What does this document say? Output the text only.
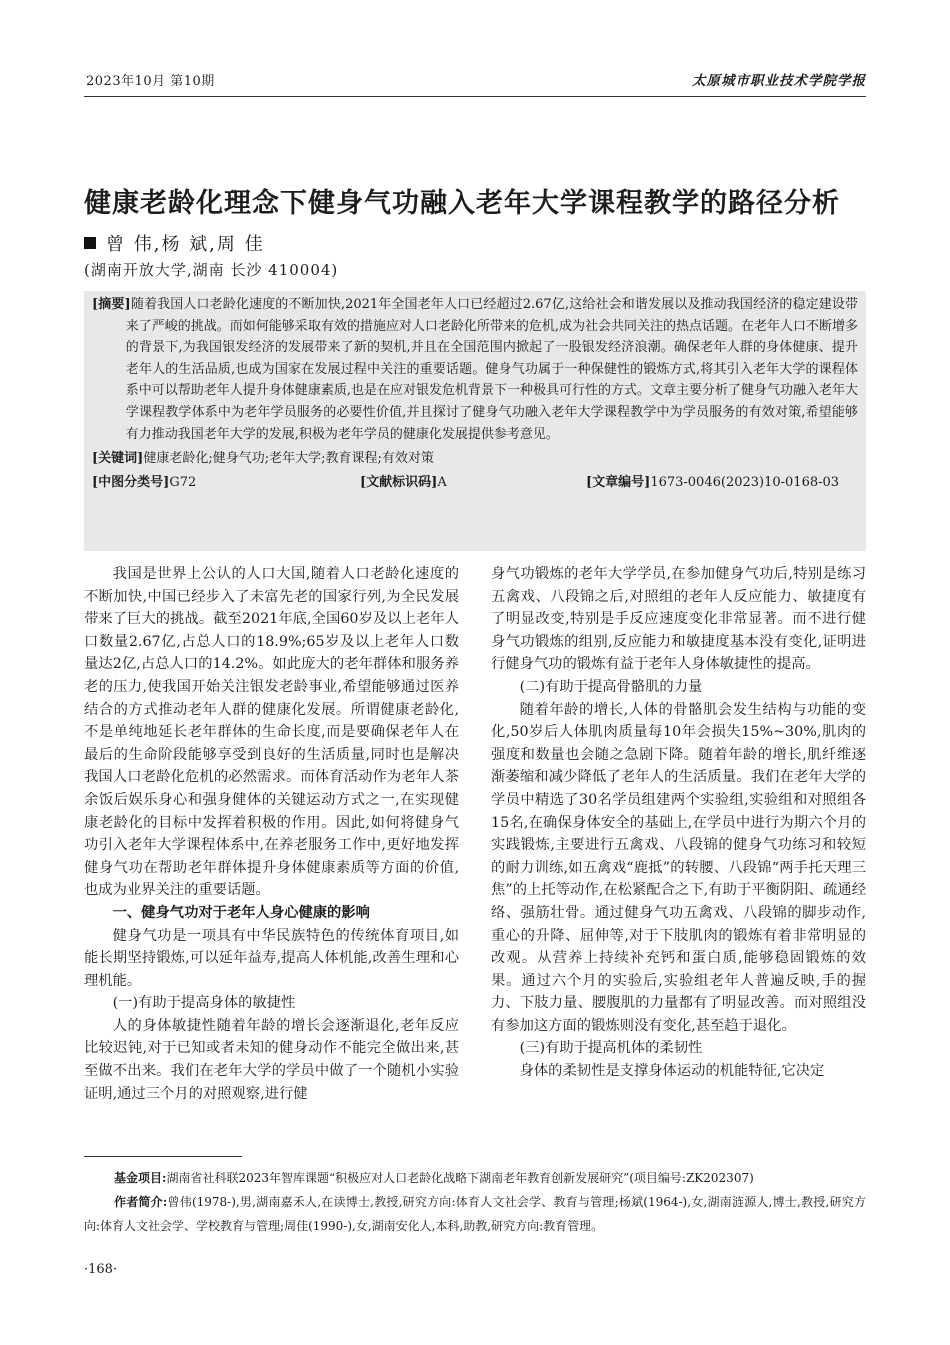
2023年10月 第10期	太原城市职业技术学院学报
健康老龄化理念下健身气功融入老年大学课程教学的路径分析
曾 伟,杨 斌,周 佳
(湖南开放大学,湖南 长沙 410004)

[摘要]随着我国人口老龄化速度的不断加快,2021年全国老年人口已经超过2.67亿,这给社会和谐发展以及推动我国经济的稳定建设带来了严峻的挑战。而如何能够采取有效的措施应对人口老龄化所带来的危机,成为社会共同关注的热点话题。在老年人口不断增多的背景下,为我国银发经济的发展带来了新的契机,并且在全国范围内掀起了一股银发经济浪潮。确保老年人群的身体健康、提升老年人的生活品质,也成为国家在发展过程中关注的重要话题。健身气功属于一种保健性的锻炼方式,将其引入老年大学的课程体系中可以帮助老年人提升身体健康素质,也是在应对银发危机背景下一种极具可行性的方式。文章主要分析了健身气功融入老年大学课程教学体系中为老年学员服务的必要性价值,并且探讨了健身气功融入老年大学课程教学中为学员服务的有效对策,希望能够有力推动我国老年大学的发展,积极为老年学员的健康化发展提供参考意见。

[关键词]健康老龄化;健身气功;老年大学;教育课程;有效对策

[中图分类号]G72	[文献标识码]A	[文章编号]1673-0046(2023)10-0168-03

我国是世界上公认的人口大国,随着人口老龄化速度的不断加快,中国已经步入了未富先老的国家行列,为全民发展带来了巨大的挑战。截至2021年底,全国60岁及以上老年人口数量2.67亿,占总人口的18.9%;65岁及以上老年人口数量达2亿,占总人口的14.2%。如此庞大的老年群体和服务养老的压力,使我国开始关注银发老龄事业,希望能够通过医养结合的方式推动老年人群的健康化发展。所谓健康老龄化,不是单纯地延长老年群体的生命长度,而是要确保老年人在最后的生命阶段能够享受到良好的生活质量,同时也是解决我国人口老龄化危机的必然需求。而体育活动作为老年人茶余饭后娱乐身心和强身健体的关键运动方式之一,在实现健康老龄化的目标中发挥着积极的作用。因此,如何将健身气功引入老年大学课程体系中,在养老服务工作中,更好地发挥健身气功在帮助老年群体提升身体健康素质等方面的价值,也成为业界关注的重要话题。

一、健身气功对于老年人身心健康的影响

健身气功是一项具有中华民族特色的传统体育项目,如能长期坚持锻炼,可以延年益寿,提高人体机能,改善生理和心理机能。

(一)有助于提高身体的敏捷性

人的身体敏捷性随着年龄的增长会逐渐退化,老年反应比较迟钝,对于已知或者未知的健身动作不能完全做出来,甚至做不出来。我们在老年大学的学员中做了一个随机小实验证明,通过三个月的对照观察,进行健

身气功锻炼的老年大学学员,在参加健身气功后,特别是练习五禽戏、八段锦之后,对照组的老年人反应能力、敏捷度有了明显改变,特别是手反应速度变化非常显著。而不进行健身气功锻炼的组别,反应能力和敏捷度基本没有变化,证明进行健身气功的锻炼有益于老年人身体敏捷性的提高。

(二)有助于提高骨骼肌的力量

随着年龄的增长,人体的骨骼肌会发生结构与功能的变化,50岁后人体肌肉质量每10年会损失15%~30%,肌肉的强度和数量也会随之急剧下降。随着年龄的增长,肌纤维逐渐萎缩和减少降低了老年人的生活质量。我们在老年大学的学员中精选了30名学员组建两个实验组,实验组和对照组各15名,在确保身体安全的基础上,在学员中进行为期六个月的实践锻炼,主要进行五禽戏、八段锦的健身气功练习和较短的耐力训练,如五禽戏“鹿抵”的转腰、八段锦“两手托天理三焦”的上托等动作,在松紧配合之下,有助于平衡阴阳、疏通经络、强筋壮骨。通过健身气功五禽戏、八段锦的脚步动作,重心的升降、屈伸等,对于下肢肌肉的锻炼有着非常明显的改观。从营养上持续补充钙和蛋白质,能够稳固锻炼的效果。通过六个月的实验后,实验组老年人普遍反映,手的握力、下肢力量、腰腹肌的力量都有了明显改善。而对照组没有参加这方面的锻炼则没有变化,甚至趋于退化。

(三)有助于提高机体的柔韧性

身体的柔韧性是支撑身体运动的机能特征,它决定

基金项目:湖南省社科联2023年智库课题“积极应对人口老龄化战略下湖南老年教育创新发展研究”(项目编号:ZK202307)

作者简介:曾伟(1978-),男,湖南嘉禾人,在读博士,教授,研究方向:体育人文社会学、教育与管理;杨斌(1964-),女,湖南涟源人,博士,教授,研究方向:体育人文社会学、学校教育与管理;周佳(1990-),女,湖南安化人,本科,助教,研究方向:教育管理。

·168·
